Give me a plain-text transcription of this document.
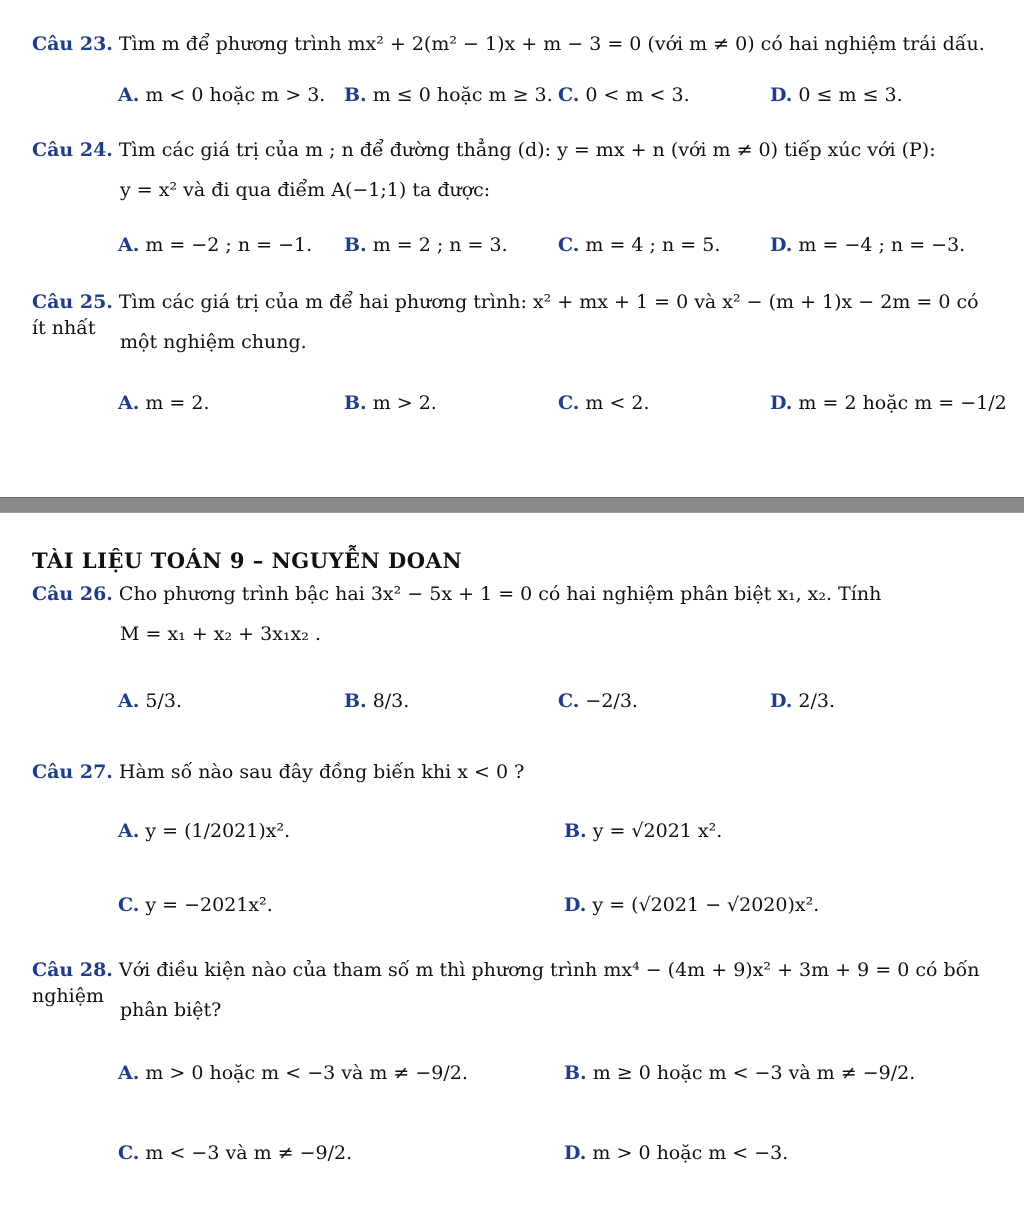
Câu 23. Tìm m để phương trình mx² + 2(m² − 1)x + m − 3 = 0 (với m ≠ 0) có hai nghiệm trái dấu.
A. m < 0 hoặc m > 3. B. m ≤ 0 hoặc m ≥ 3. C. 0 < m < 3.	D. 0 ≤ m ≤ 3.
Câu 24. Tìm các giá trị của m ; n để đường thẳng (d): y = mx + n (với m ≠ 0) tiếp xúc với (P):
y = x² và đi qua điểm A(−1;1) ta được:
A. m = −2 ; n = −1. B. m = 2 ; n = 3.	C. m = 4 ; n = 5.	D. m = −4 ; n = −3.
Câu 25. Tìm các giá trị của m để hai phương trình: x² + mx + 1 = 0 và x² − (m + 1)x − 2m = 0 có ít nhất
một nghiệm chung.
A. m = 2.	B. m > 2.	C. m < 2.	D. m = 2 hoặc m = −1/2
TÀI LIỆU TOÁN 9 – NGUYỄN DOAN
Câu 26. Cho phương trình bậc hai 3x² − 5x + 1 = 0 có hai nghiệm phân biệt x₁, x₂. Tính
M = x₁ + x₂ + 3x₁x₂ .
A. 5/3.	B. 8/3.	C. −2/3.	D. 2/3.
Câu 27. Hàm số nào sau đây đồng biến khi x < 0 ?
A. y = (1/2021)x².	B. y = √2021 x².
C. y = −2021x².	D. y = (√2021 − √2020)x².
Câu 28. Với điều kiện nào của tham số m thì phương trình mx⁴ − (4m + 9)x² + 3m + 9 = 0 có bốn nghiệm
phân biệt?
A. m > 0 hoặc m < −3 và m ≠ −9/2.	B. m ≥ 0 hoặc m < −3 và m ≠ −9/2.
C. m < −3 và m ≠ −9/2.	D. m > 0 hoặc m < −3.
